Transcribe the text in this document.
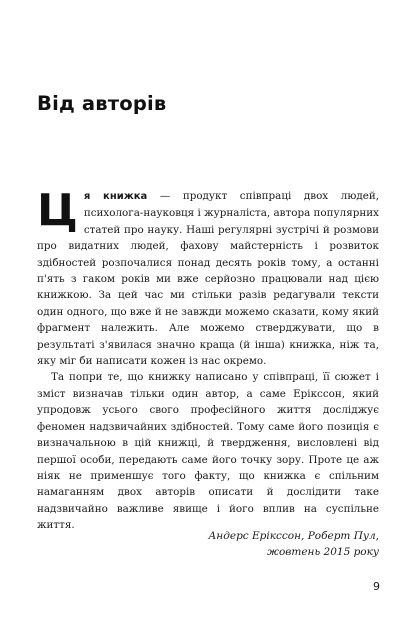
Від авторів

Ця книжка — продукт співпраці двох людей, психолога-науковця і журналіста, автора популярних статей про науку. Наші регулярні зустрічі й розмови про видатних людей, фахову майстерність і розвиток здібностей розпочалися понад десять років тому, а останні п'ять з гаком років ми вже серйозно працювали над цією книжкою. За цей час ми стільки разів редагували тексти один одного, що вже й не завжди можемо сказати, кому який фрагмент належить. Але можемо стверджувати, що в результаті з'явилася значно краща (й інша) книжка, ніж та, яку міг би написати кожен із нас окремо.

Та попри те, що книжку написано у співпраці, її сюжет і зміст визначав тільки один автор, а саме Ерікссон, який упродовж усього свого професійного життя досліджує феномен надзвичайних здібностей. Тому саме його позиція є визначальною в цій книжці, й твердження, висловлені від першої особи, передають саме його точку зору. Проте це аж ніяк не применшує того факту, що книжка є спільним намаганням двох авторів описати й дослідити таке надзвичайно важливе явище і його вплив на суспільне життя.

Андерс Ерікссон, Роберт Пул,
жовтень 2015 року
9
